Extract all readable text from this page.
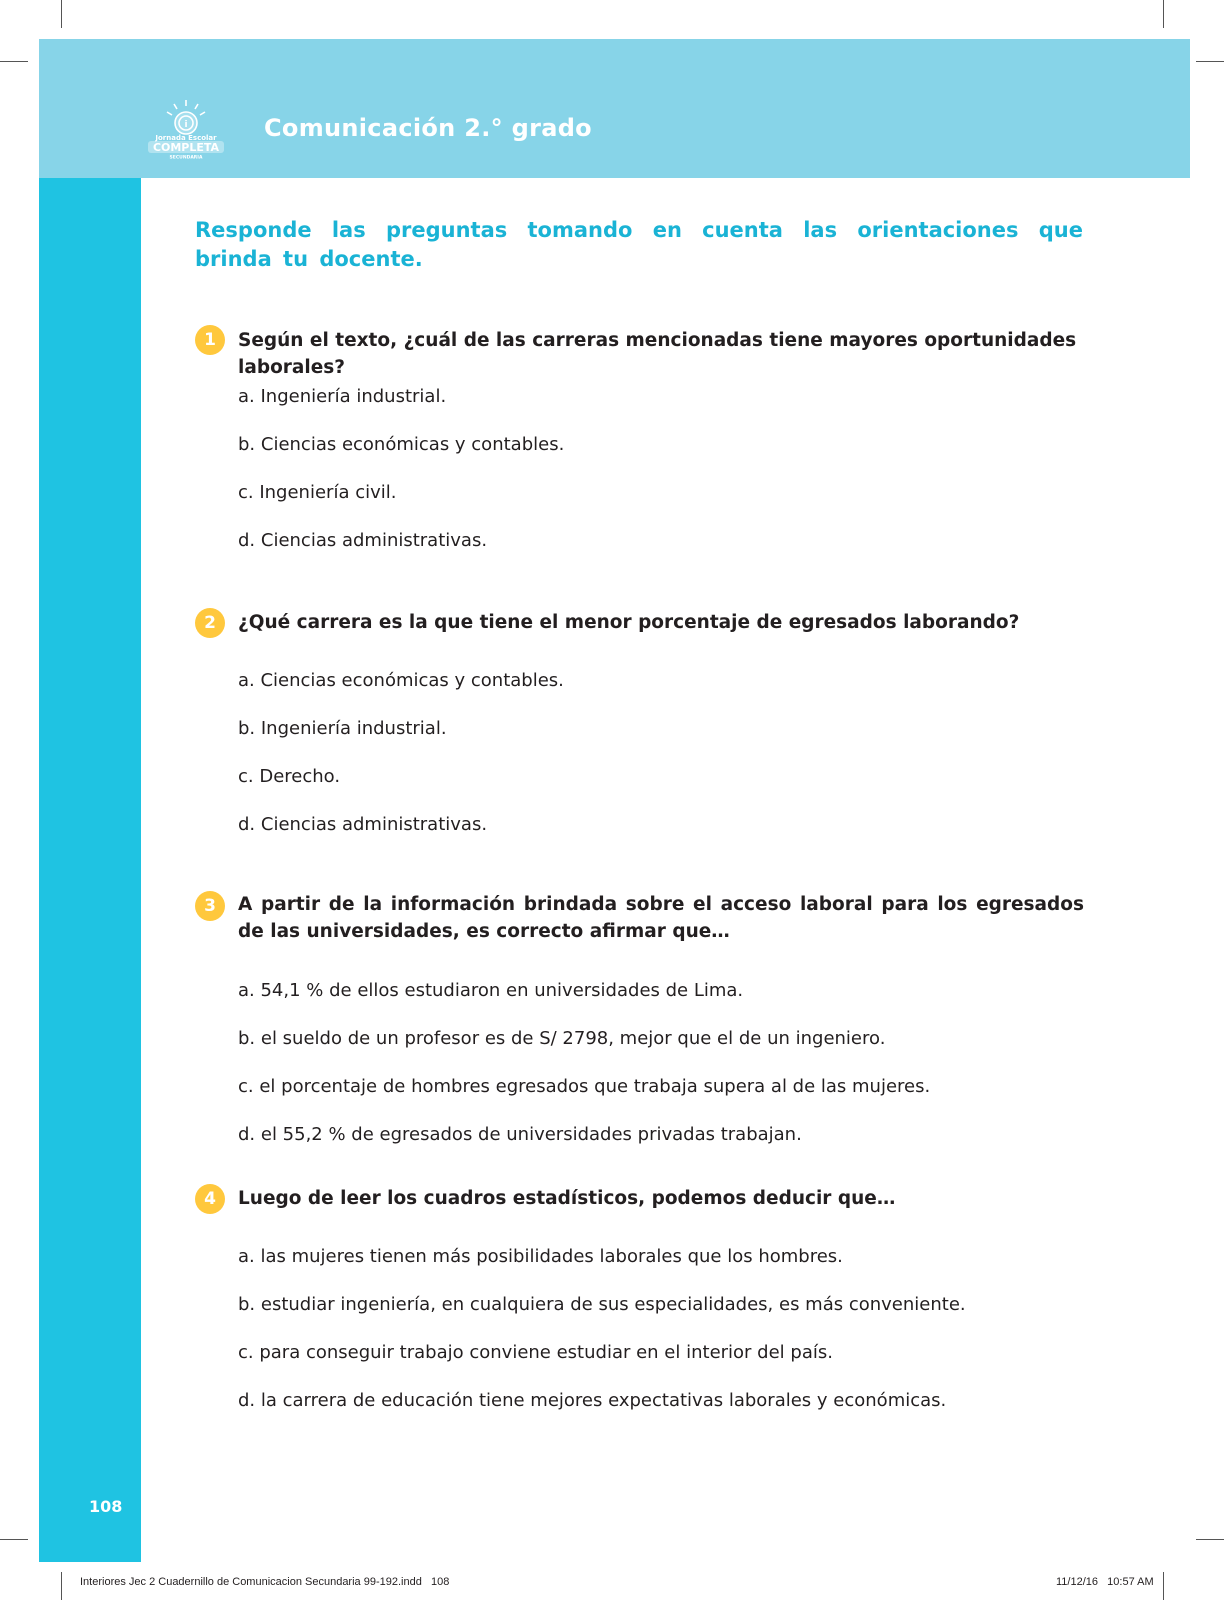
i
Jornada Escolar
COMPLETA
SECUNDARIA
Comunicación 2.° grado
Responde las preguntas tomando en cuenta las orientaciones que brinda tu docente.
1	Según el texto, ¿cuál de las carreras mencionadas tiene mayores oportunidades laborales?
a. Ingeniería industrial.
b. Ciencias económicas y contables.
c. Ingeniería civil.
d. Ciencias administrativas.
2	¿Qué carrera es la que tiene el menor porcentaje de egresados laborando?
a. Ciencias económicas y contables.
b. Ingeniería industrial.
c. Derecho.
d. Ciencias administrativas.
3	A partir de la información brindada sobre el acceso laboral para los egresados de las universidades, es correcto afirmar que…
a. 54,1 % de ellos estudiaron en universidades de Lima.
b. el sueldo de un profesor es de S/ 2798, mejor que el de un ingeniero.
c. el porcentaje de hombres egresados que trabaja supera al de las mujeres.
d. el 55,2 % de egresados de universidades privadas trabajan.
4	Luego de leer los cuadros estadísticos, podemos deducir que…
a. las mujeres tienen más posibilidades laborales que los hombres.
b. estudiar ingeniería, en cualquiera de sus especialidades, es más conveniente.
c. para conseguir trabajo conviene estudiar en el interior del país.
d. la carrera de educación tiene mejores expectativas laborales y económicas.
108
Interiores Jec 2 Cuadernillo de Comunicacion Secundaria 99-192.indd   108	11/12/16   10:57 AM
